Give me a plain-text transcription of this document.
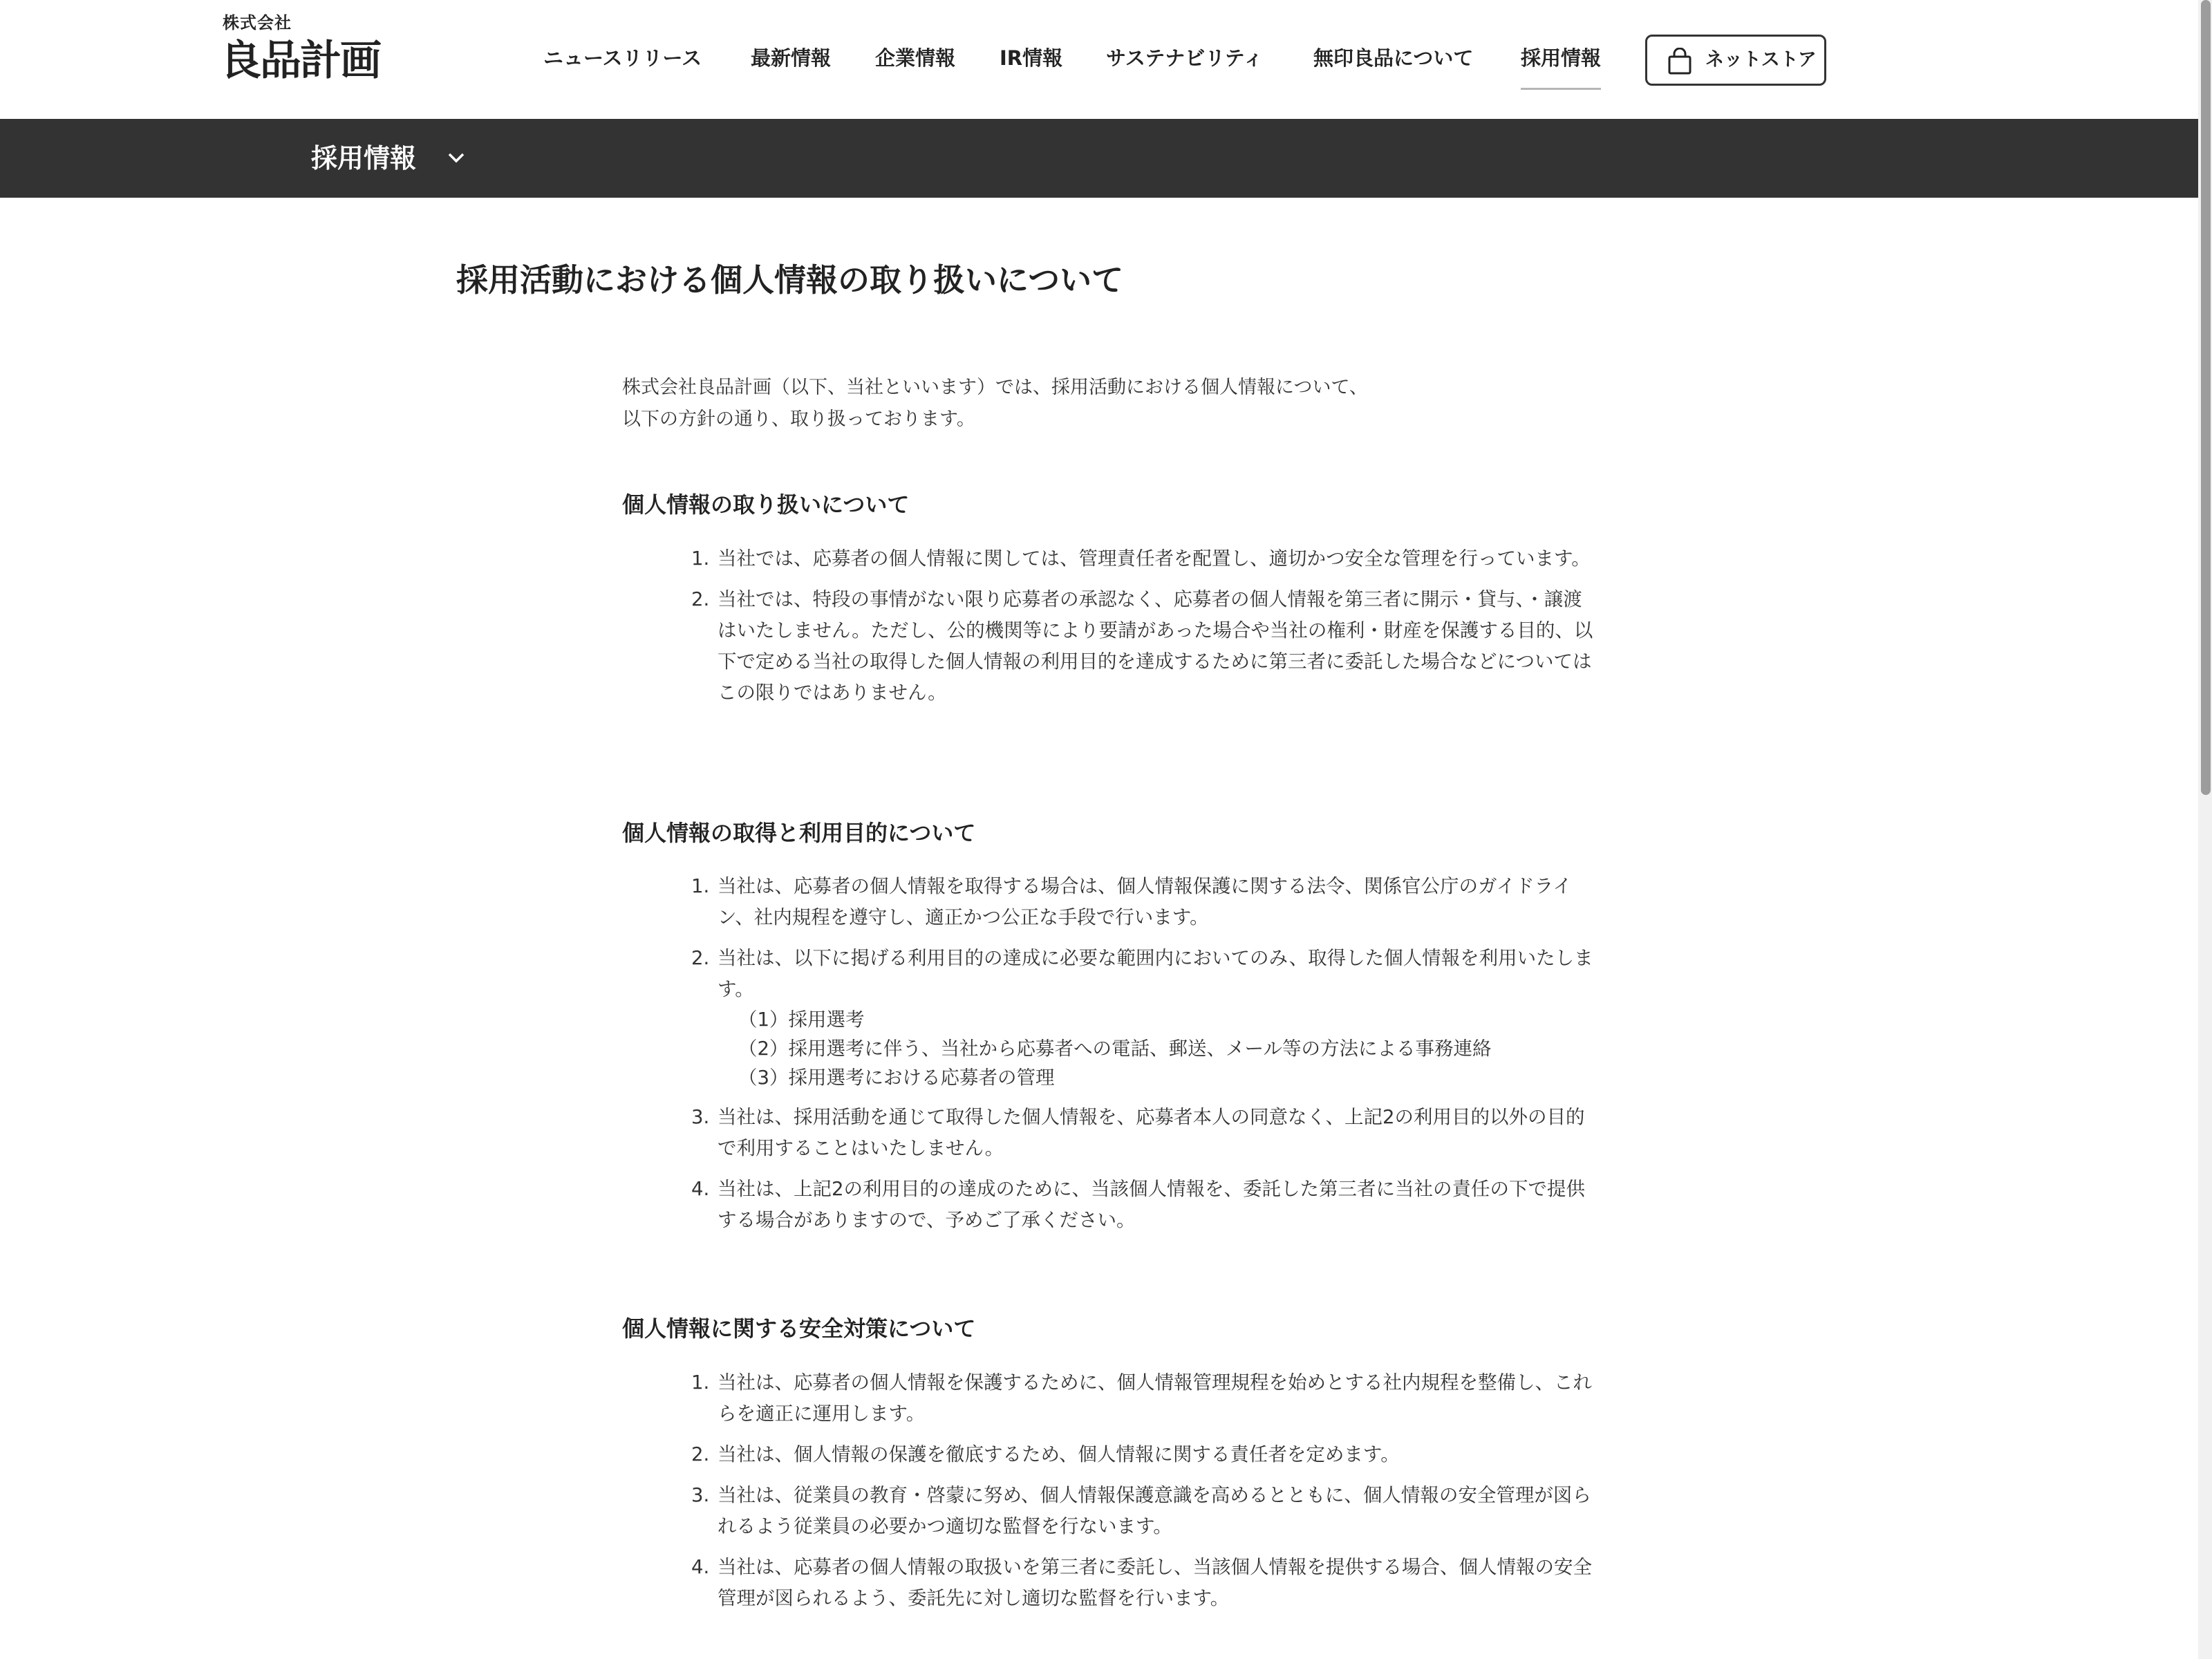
株式会社
良品計画	ニュースリリース 最新情報 企業情報 IR情報 サステナビリティ	無印良品について 採用情報	ネットストア
採用情報
採用活動における個人情報の取り扱いについて

株式会社良品計画（以下、当社といいます）では、採用活動における個人情報について、

以下の方針の通り、取り扱っております。

個人情報の取り扱いについて
1. 当社では、応募者の個人情報に関しては、管理責任者を配置し、適切かつ安全な管理を行っています。
2. 当社では、特段の事情がない限り応募者の承認なく、応募者の個人情報を第三者に開示・貸与、・譲渡はいたしません。ただし、公的機関等により要請があった場合や当社の権利・財産を保護する目的、以下で定める当社の取得した個人情報の利用目的を達成するために第三者に委託した場合などについてはこの限りではありません。
個人情報の取得と利用目的について
1. 当社は、応募者の個人情報を取得する場合は、個人情報保護に関する法令、関係官公庁のガイドライン、社内規程を遵守し、適正かつ公正な手段で行います。
2. 当社は、以下に掲げる利用目的の達成に必要な範囲内においてのみ、取得した個人情報を利用いたします。
（1）採用選考
（2）採用選考に伴う、当社から応募者への電話、郵送、メール等の方法による事務連絡
（3）採用選考における応募者の管理
3. 当社は、採用活動を通じて取得した個人情報を、応募者本人の同意なく、上記2の利用目的以外の目的で利用することはいたしません。
4. 当社は、上記2の利用目的の達成のために、当該個人情報を、委託した第三者に当社の責任の下で提供する場合がありますので、予めご了承ください。
個人情報に関する安全対策について
1. 当社は、応募者の個人情報を保護するために、個人情報管理規程を始めとする社内規程を整備し、これらを適正に運用します。
2. 当社は、個人情報の保護を徹底するため、個人情報に関する責任者を定めます。
3. 当社は、従業員の教育・啓蒙に努め、個人情報保護意識を高めるとともに、個人情報の安全管理が図られるよう従業員の必要かつ適切な監督を行ないます。
4. 当社は、応募者の個人情報の取扱いを第三者に委託し、当該個人情報を提供する場合、個人情報の安全管理が図られるよう、委託先に対し適切な監督を行います。
